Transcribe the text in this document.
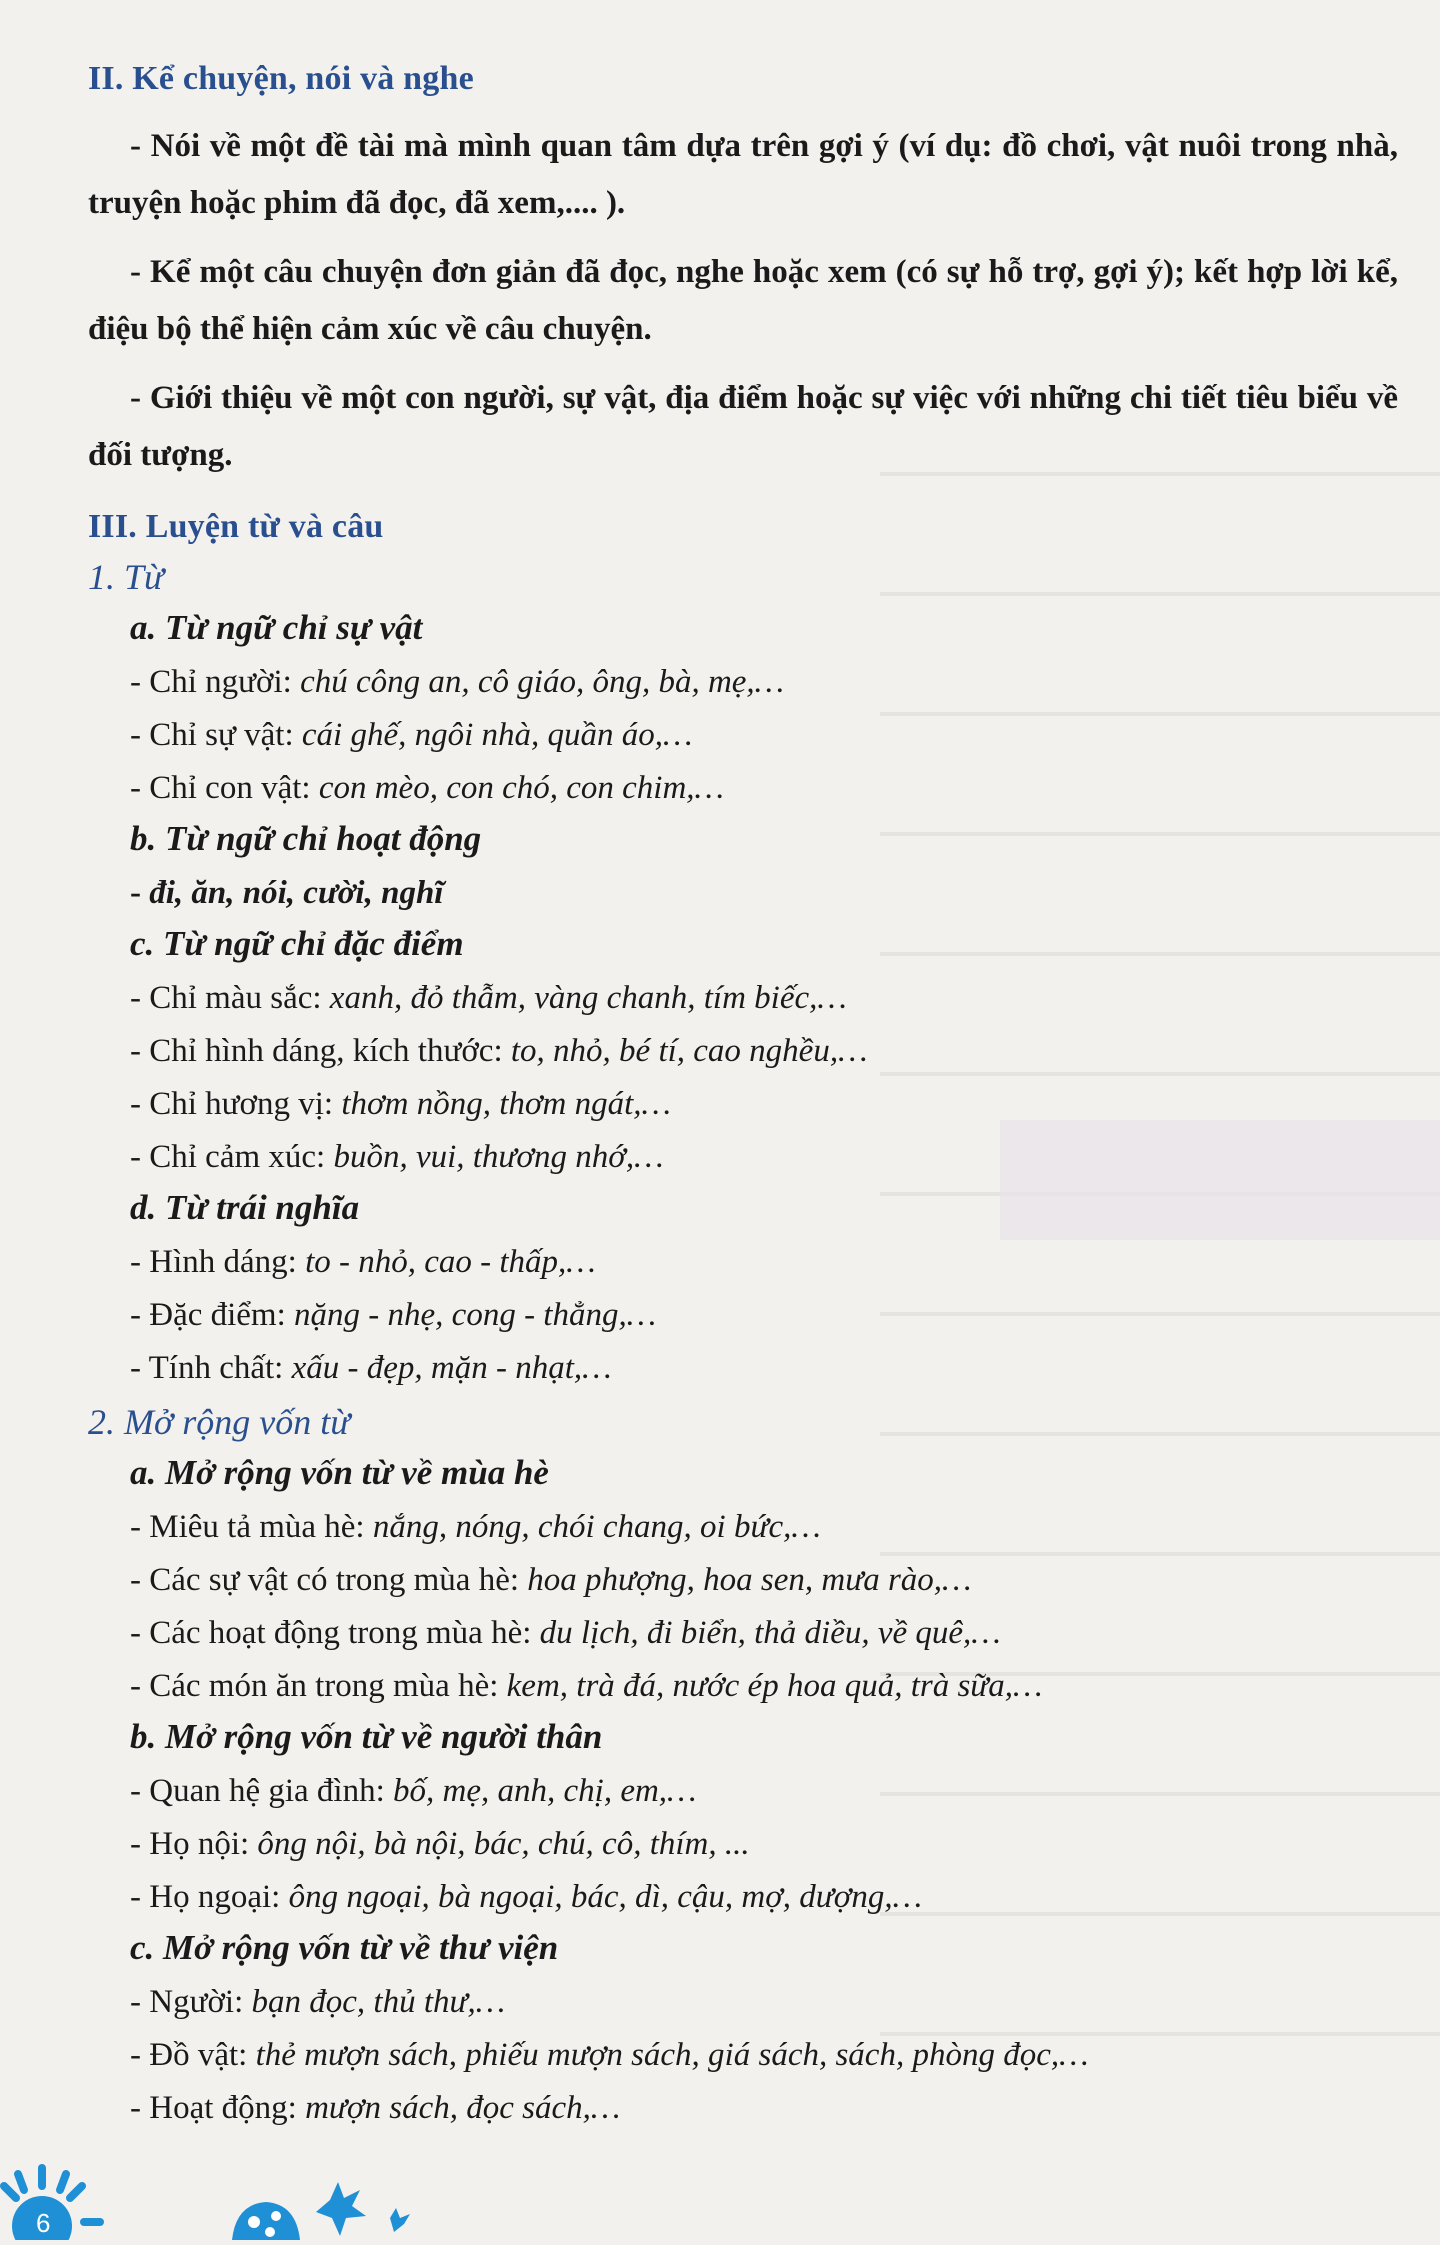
II. Kể chuyện, nói và nghe
- Nói về một đề tài mà mình quan tâm dựa trên gợi ý (ví dụ: đồ chơi, vật nuôi trong nhà, truyện hoặc phim đã đọc, đã xem,.... ).
- Kể một câu chuyện đơn giản đã đọc, nghe hoặc xem (có sự hỗ trợ, gợi ý); kết hợp lời kể, điệu bộ thể hiện cảm xúc về câu chuyện.
- Giới thiệu về một con người, sự vật, địa điểm hoặc sự việc với những chi tiết tiêu biểu về đối tượng.
III. Luyện từ và câu
1. Từ
a. Từ ngữ chỉ sự vật
- Chỉ người: chú công an, cô giáo, ông, bà, mẹ,…
- Chỉ sự vật: cái ghế, ngôi nhà, quần áo,…
- Chỉ con vật: con mèo, con chó, con chim,…
b. Từ ngữ chỉ hoạt động
- đi, ăn, nói, cười, nghĩ
c. Từ ngữ chỉ đặc điểm
- Chỉ màu sắc: xanh, đỏ thẫm, vàng chanh, tím biếc,…
- Chỉ hình dáng, kích thước: to, nhỏ, bé tí, cao nghều,…
- Chỉ hương vị: thơm nồng, thơm ngát,…
- Chỉ cảm xúc: buồn, vui, thương nhớ,…
d. Từ trái nghĩa
- Hình dáng: to - nhỏ, cao - thấp,…
- Đặc điểm: nặng - nhẹ, cong - thẳng,…
- Tính chất: xấu - đẹp, mặn - nhạt,…
2. Mở rộng vốn từ
a. Mở rộng vốn từ về mùa hè
- Miêu tả mùa hè: nắng, nóng, chói chang, oi bức,…
- Các sự vật có trong mùa hè: hoa phượng, hoa sen, mưa rào,…
- Các hoạt động trong mùa hè: du lịch, đi biển, thả diều, về quê,…
- Các món ăn trong mùa hè: kem, trà đá, nước ép hoa quả, trà sữa,…
b. Mở rộng vốn từ về người thân
- Quan hệ gia đình: bố, mẹ, anh, chị, em,…
- Họ nội: ông nội, bà nội, bác, chú, cô, thím, ...
- Họ ngoại: ông ngoại, bà ngoại, bác, dì, cậu, mợ, dượng,…
c. Mở rộng vốn từ về thư viện
- Người: bạn đọc, thủ thư,…
- Đồ vật: thẻ mượn sách, phiếu mượn sách, giá sách, sách, phòng đọc,…
- Hoạt động: mượn sách, đọc sách,…
6
